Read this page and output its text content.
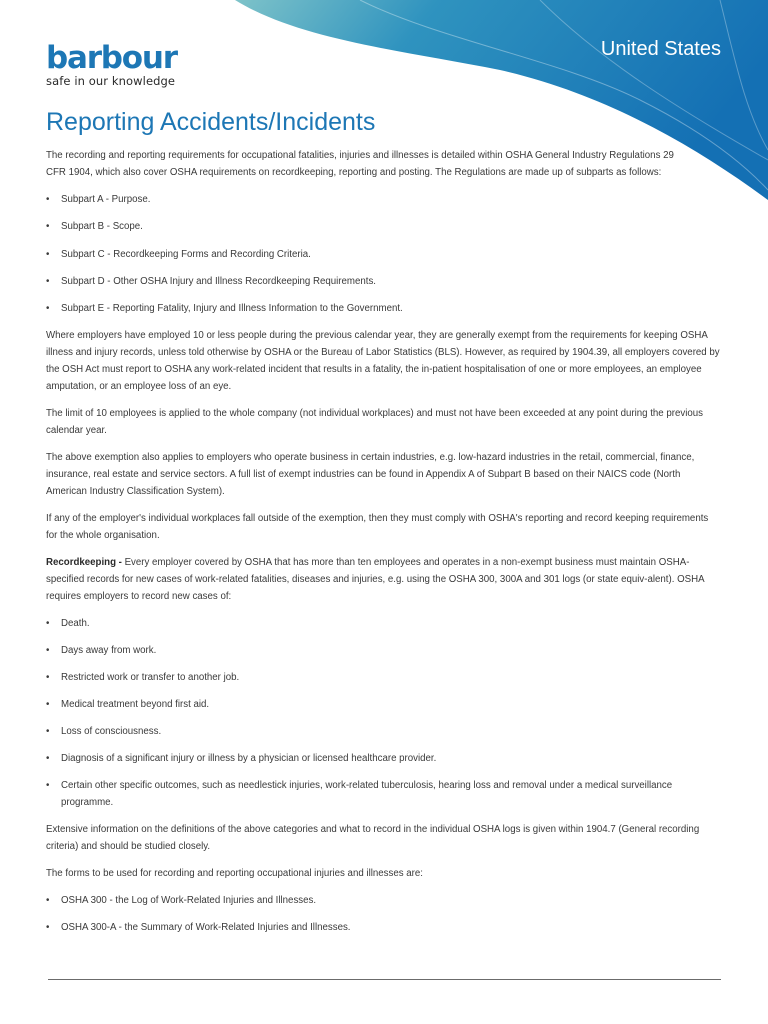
barbour
safe in our knowledge
United States
Reporting Accidents/Incidents

The recording and reporting requirements for occupational fatalities, injuries and illnesses is detailed within OSHA General Industry Regulations 29 CFR 1904, which also cover OSHA requirements on recordkeeping, reporting and posting. The Regulations are made up of subparts as follows:

• Subpart A - Purpose.
• Subpart B - Scope.
• Subpart C - Recordkeeping Forms and Recording Criteria.
• Subpart D - Other OSHA Injury and Illness Recordkeeping Requirements.
• Subpart E - Reporting Fatality, Injury and Illness Information to the Government.

Where employers have employed 10 or less people during the previous calendar year, they are generally exempt from the requirements for keeping OSHA illness and injury records, unless told otherwise by OSHA or the Bureau of Labor Statistics (BLS). However, as required by 1904.39, all employers covered by the OSH Act must report to OSHA any work-related incident that results in a fatality, the in-patient hospitalisation of one or more employees, an employee amputation, or an employee loss of an eye.

The limit of 10 employees is applied to the whole company (not individual workplaces) and must not have been exceeded at any point during the previous calendar year.

The above exemption also applies to employers who operate business in certain industries, e.g. low-hazard industries in the retail, commercial, finance, insurance, real estate and service sectors. A full list of exempt industries can be found in Appendix A of Subpart B based on their NAICS code (North American Industry Classification System).

If any of the employer's individual workplaces fall outside of the exemption, then they must comply with OSHA's reporting and record keeping requirements for the whole organisation.

Recordkeeping - Every employer covered by OSHA that has more than ten employees and operates in a non-exempt business must maintain OSHA-specified records for new cases of work-related fatalities, diseases and injuries, e.g. using the OSHA 300, 300A and 301 logs (or state equiv-alent). OSHA requires employers to record new cases of:

• Death.
• Days away from work.
• Restricted work or transfer to another job.
• Medical treatment beyond first aid.
• Loss of consciousness.
• Diagnosis of a significant injury or illness by a physician or licensed healthcare provider.
• Certain other specific outcomes, such as needlestick injuries, work-related tuberculosis, hearing loss and removal under a medical surveillance programme.

Extensive information on the definitions of the above categories and what to record in the individual OSHA logs is given within 1904.7 (General recording criteria) and should be studied closely.

The forms to be used for recording and reporting occupational injuries and illnesses are:

• OSHA 300 - the Log of Work-Related Injuries and Illnesses.
• OSHA 300-A - the Summary of Work-Related Injuries and Illnesses.
